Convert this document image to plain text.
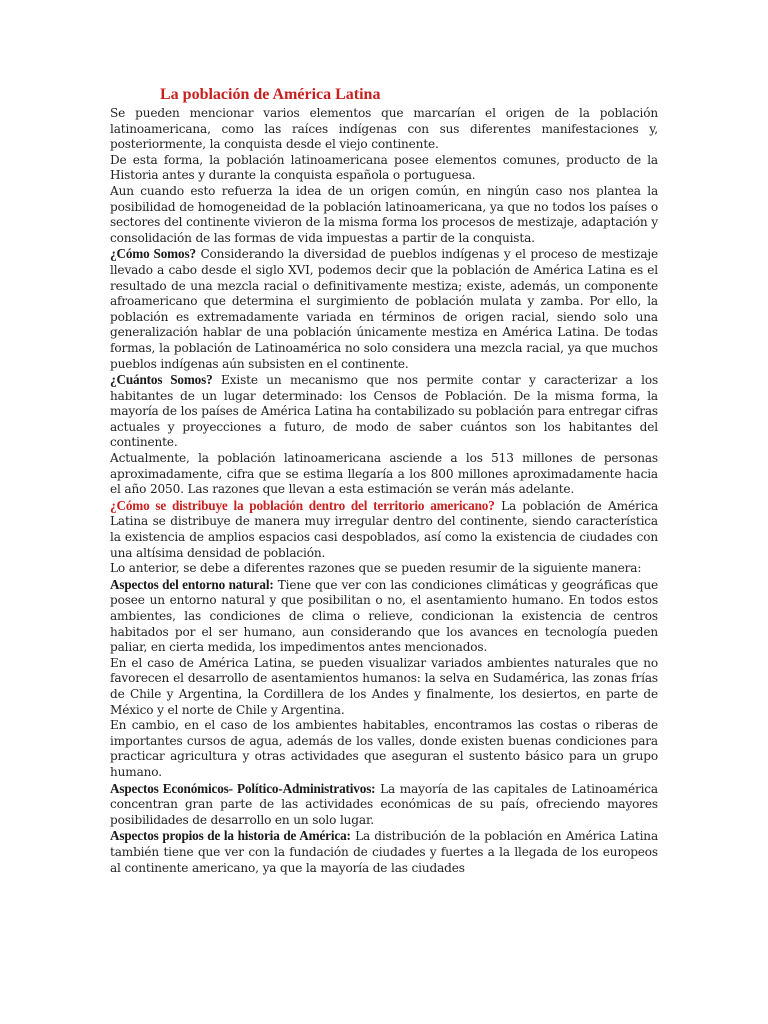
La población de América Latina

Se pueden mencionar varios elementos que marcarían el origen de la población latinoamericana, como las raíces indígenas con sus diferentes manifestaciones y, posteriormente, la conquista desde el viejo continente.

De esta forma, la población latinoamericana posee elementos comunes, producto de la Historia antes y durante la conquista española o portuguesa.

Aun cuando esto refuerza la idea de un origen común, en ningún caso nos plantea la posibilidad de homogeneidad de la población latinoamericana, ya que no todos los países o sectores del continente vivieron de la misma forma los procesos de mestizaje, adaptación y consolidación de las formas de vida impuestas a partir de la conquista.

¿Cómo Somos? Considerando la diversidad de pueblos indígenas y el proceso de mestizaje llevado a cabo desde el siglo XVI, podemos decir que la población de América Latina es el resultado de una mezcla racial o definitivamente mestiza; existe, además, un componente afroamericano que determina el surgimiento de población mulata y zamba. Por ello, la población es extremadamente variada en términos de origen racial, siendo solo una generalización hablar de una población únicamente mestiza en América Latina. De todas formas, la población de Latinoamérica no solo considera una mezcla racial, ya que muchos pueblos indígenas aún subsisten en el continente.

¿Cuántos Somos? Existe un mecanismo que nos permite contar y caracterizar a los habitantes de un lugar determinado: los Censos de Población. De la misma forma, la mayoría de los países de América Latina ha contabilizado su población para entregar cifras actuales y proyecciones a futuro, de modo de saber cuántos son los habitantes del continente.

Actualmente, la población latinoamericana asciende a los 513 millones de personas aproximadamente, cifra que se estima llegaría a los 800 millones aproximadamente hacia el año 2050. Las razones que llevan a esta estimación se verán más adelante.

¿Cómo se distribuye la población dentro del territorio americano? La población de América Latina se distribuye de manera muy irregular dentro del continente, siendo característica la existencia de amplios espacios casi despoblados, así como la existencia de ciudades con una altísima densidad de población.

Lo anterior, se debe a diferentes razones que se pueden resumir de la siguiente manera:

Aspectos del entorno natural: Tiene que ver con las condiciones climáticas y geográficas que posee un entorno natural y que posibilitan o no, el asentamiento humano. En todos estos ambientes, las condiciones de clima o relieve, condicionan la existencia de centros habitados por el ser humano, aun considerando que los avances en tecnología pueden paliar, en cierta medida, los impedimentos antes mencionados.

En el caso de América Latina, se pueden visualizar variados ambientes naturales que no favorecen el desarrollo de asentamientos humanos: la selva en Sudamérica, las zonas frías de Chile y Argentina, la Cordillera de los Andes y finalmente, los desiertos, en parte de México y el norte de Chile y Argentina.

En cambio, en el caso de los ambientes habitables, encontramos las costas o riberas de importantes cursos de agua, además de los valles, donde existen buenas condiciones para practicar agricultura y otras actividades que aseguran el sustento básico para un grupo humano.

Aspectos Económicos- Político-Administrativos: La mayoría de las capitales de Latinoamérica concentran gran parte de las actividades económicas de su país, ofreciendo mayores posibilidades de desarrollo en un solo lugar.

Aspectos propios de la historia de América: La distribución de la población en América Latina también tiene que ver con la fundación de ciudades y fuertes a la llegada de los europeos al continente americano, ya que la mayoría de las ciudades
